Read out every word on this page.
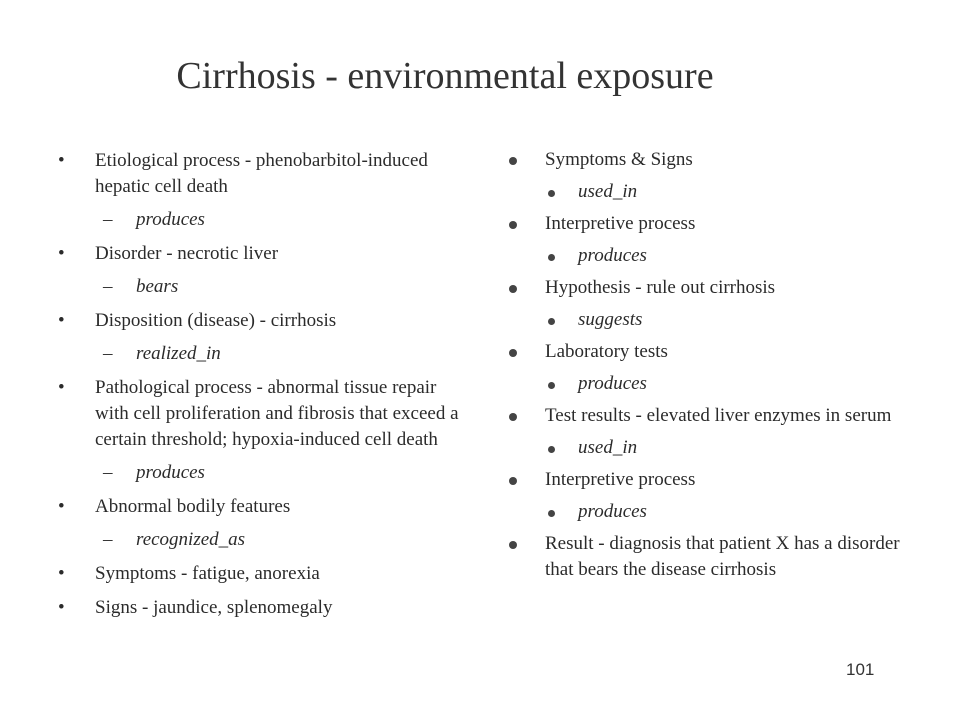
Cirrhosis - environmental exposure
• Etiological process - phenobarbitol-induced hepatic cell death
– produces
• Disorder - necrotic liver
– bears
• Disposition (disease) - cirrhosis
– realized_in
• Pathological process - abnormal tissue repair with cell proliferation and fibrosis that exceed a certain threshold; hypoxia-induced cell death
– produces
• Abnormal bodily features
– recognized_as
• Symptoms - fatigue, anorexia
• Signs - jaundice, splenomegaly
Symptoms & Signs
used_in
Interpretive process
produces
Hypothesis - rule out cirrhosis
suggests
Laboratory tests
produces
Test results - elevated liver enzymes in serum
used_in
Interpretive process
produces
Result - diagnosis that patient X has a disorder that bears the disease cirrhosis
101
